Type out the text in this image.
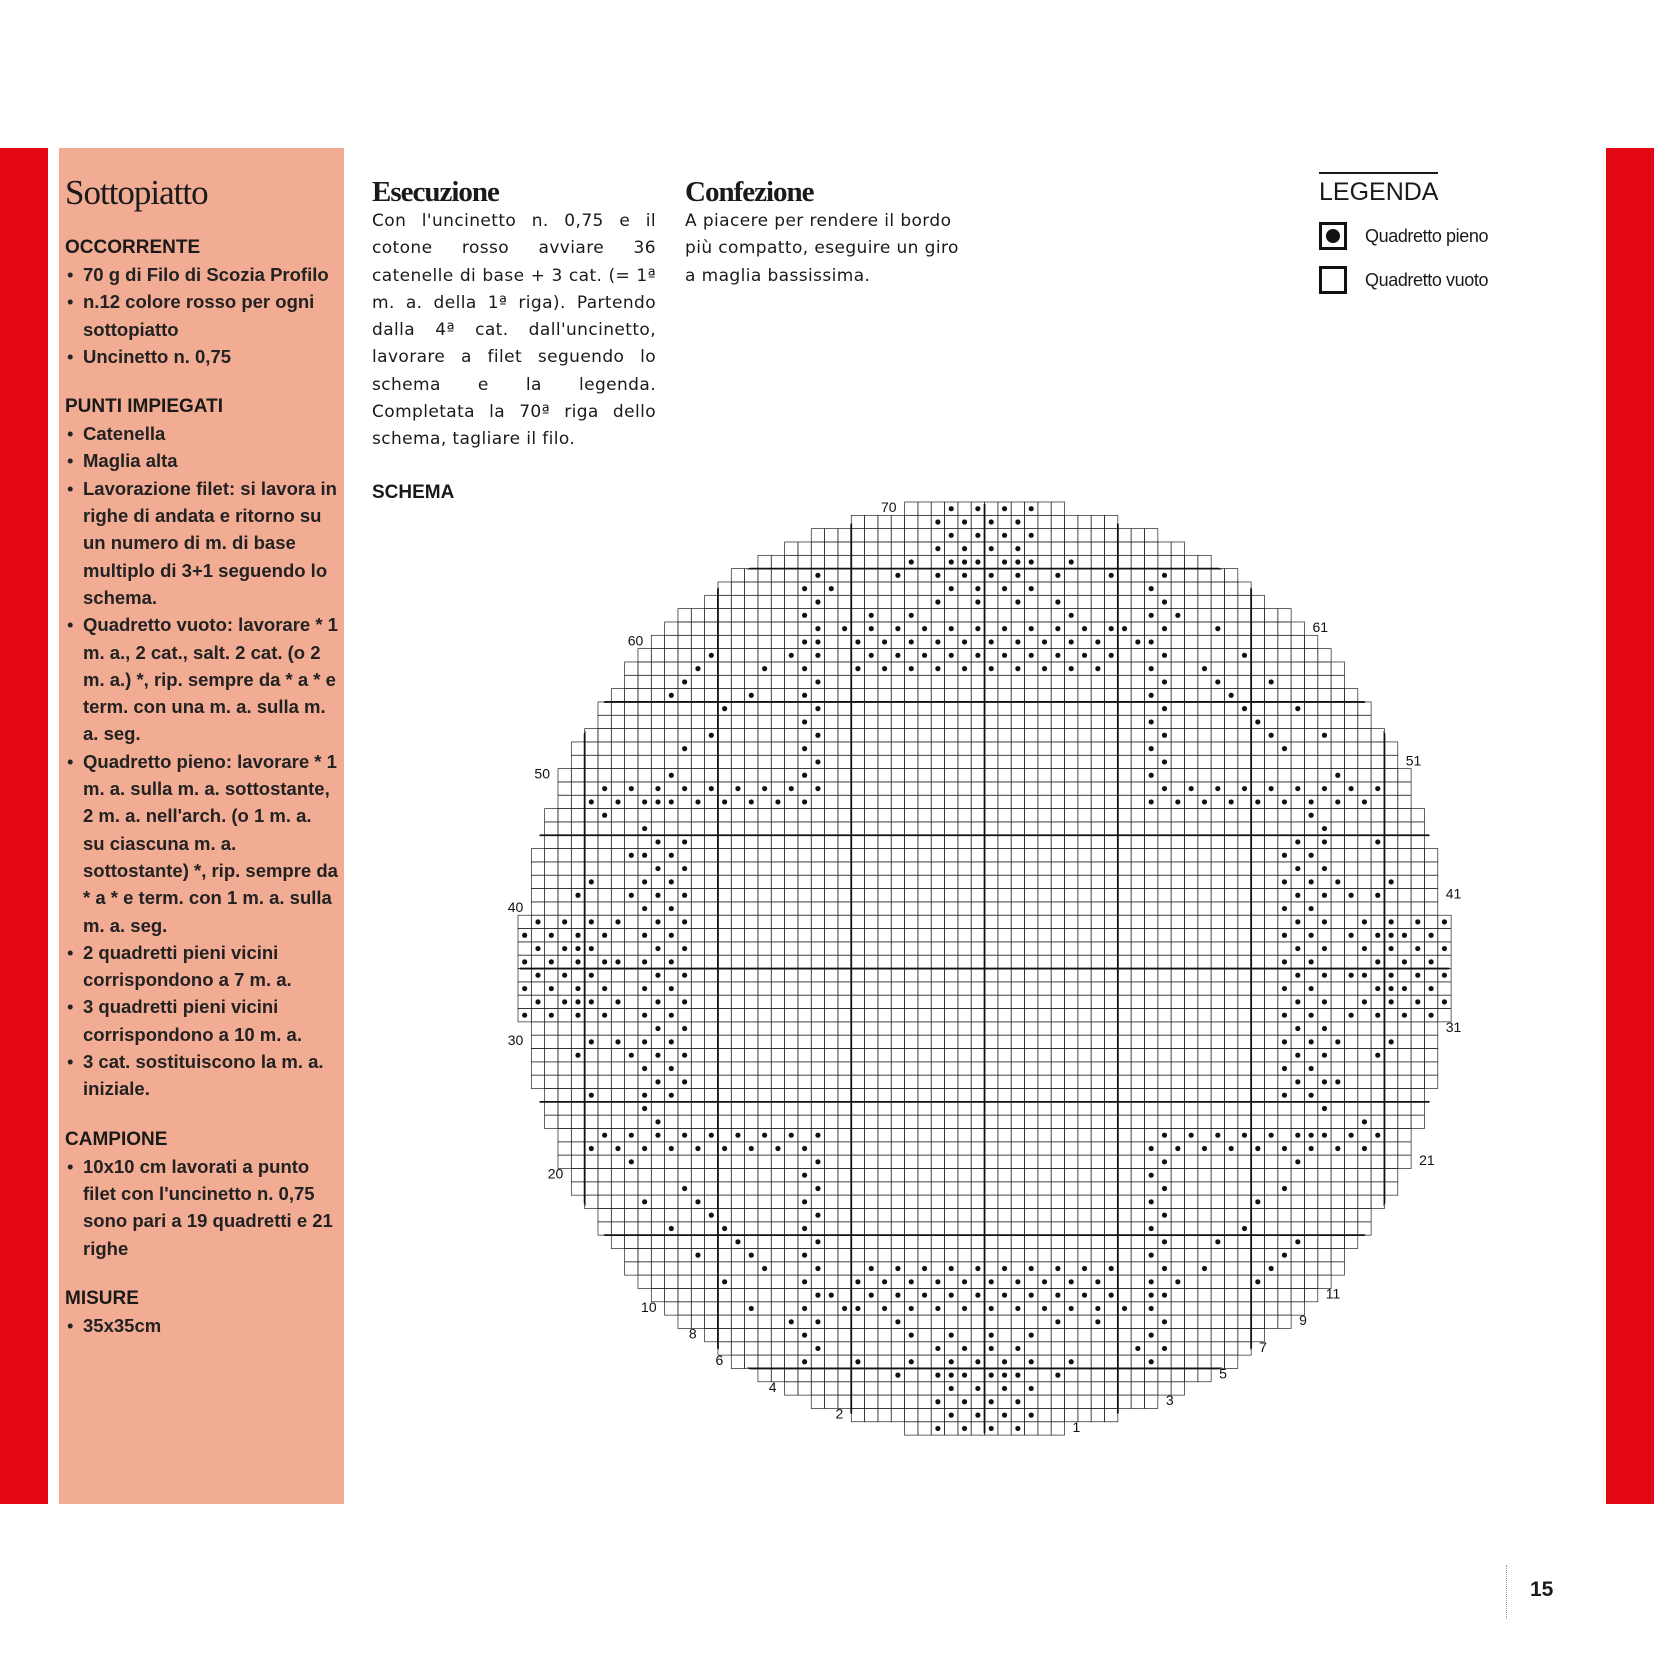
Sottopiatto
OCCORRENTE
• 70 g di Filo di Scozia Profilo
• n.12 colore rosso per ogni sottopiatto
• Uncinetto n. 0,75
PUNTI IMPIEGATI
• Catenella
• Maglia alta
• Lavorazione filet: si lavora in righe di andata e ritorno su un numero di m. di base multiplo di 3+1 seguendo lo schema.
• Quadretto vuoto: lavorare * 1 m. a., 2 cat., salt. 2 cat. (o 2 m. a.) *, rip. sempre da * a * e term. con una m. a. sulla m. a. seg.
• Quadretto pieno: lavorare * 1 m. a. sulla m. a. sottostante, 2 m. a. nell'arch. (o 1 m. a. su ciascuna m. a. sottostante) *, rip. sempre da * a * e term. con 1 m. a. sulla m. a. seg.
• 2 quadretti pieni vicini corrispondono a 7 m. a.
• 3 quadretti pieni vicini corrispondono a 10 m. a.
• 3 cat. sostituiscono la m. a. iniziale.
CAMPIONE
• 10x10 cm lavorati a punto filet con l'uncinetto n. 0,75 sono pari a 19 quadretti e 21 righe
MISURE
• 35x35cm
Esecuzione

Con l'uncinetto n. 0,75 e il cotone rosso avviare 36 catenelle di base + 3 cat. (= 1ª m. a. della 1ª riga). Partendo dalla 4ª cat. dall'uncinetto, lavorare a filet seguendo lo schema e la legenda. Completata la 70ª riga dello schema, tagliare il filo.

Confezione

A piacere per rendere il bordo più compatto, eseguire un giro a maglia bassissima.

LEGENDA
Quadretto pieno
Quadretto vuoto
SCHEMA
2
4
6
8
10
20
30
40
50
60
70
1
3
5
7
9
11
21
31
41
51
61
15
